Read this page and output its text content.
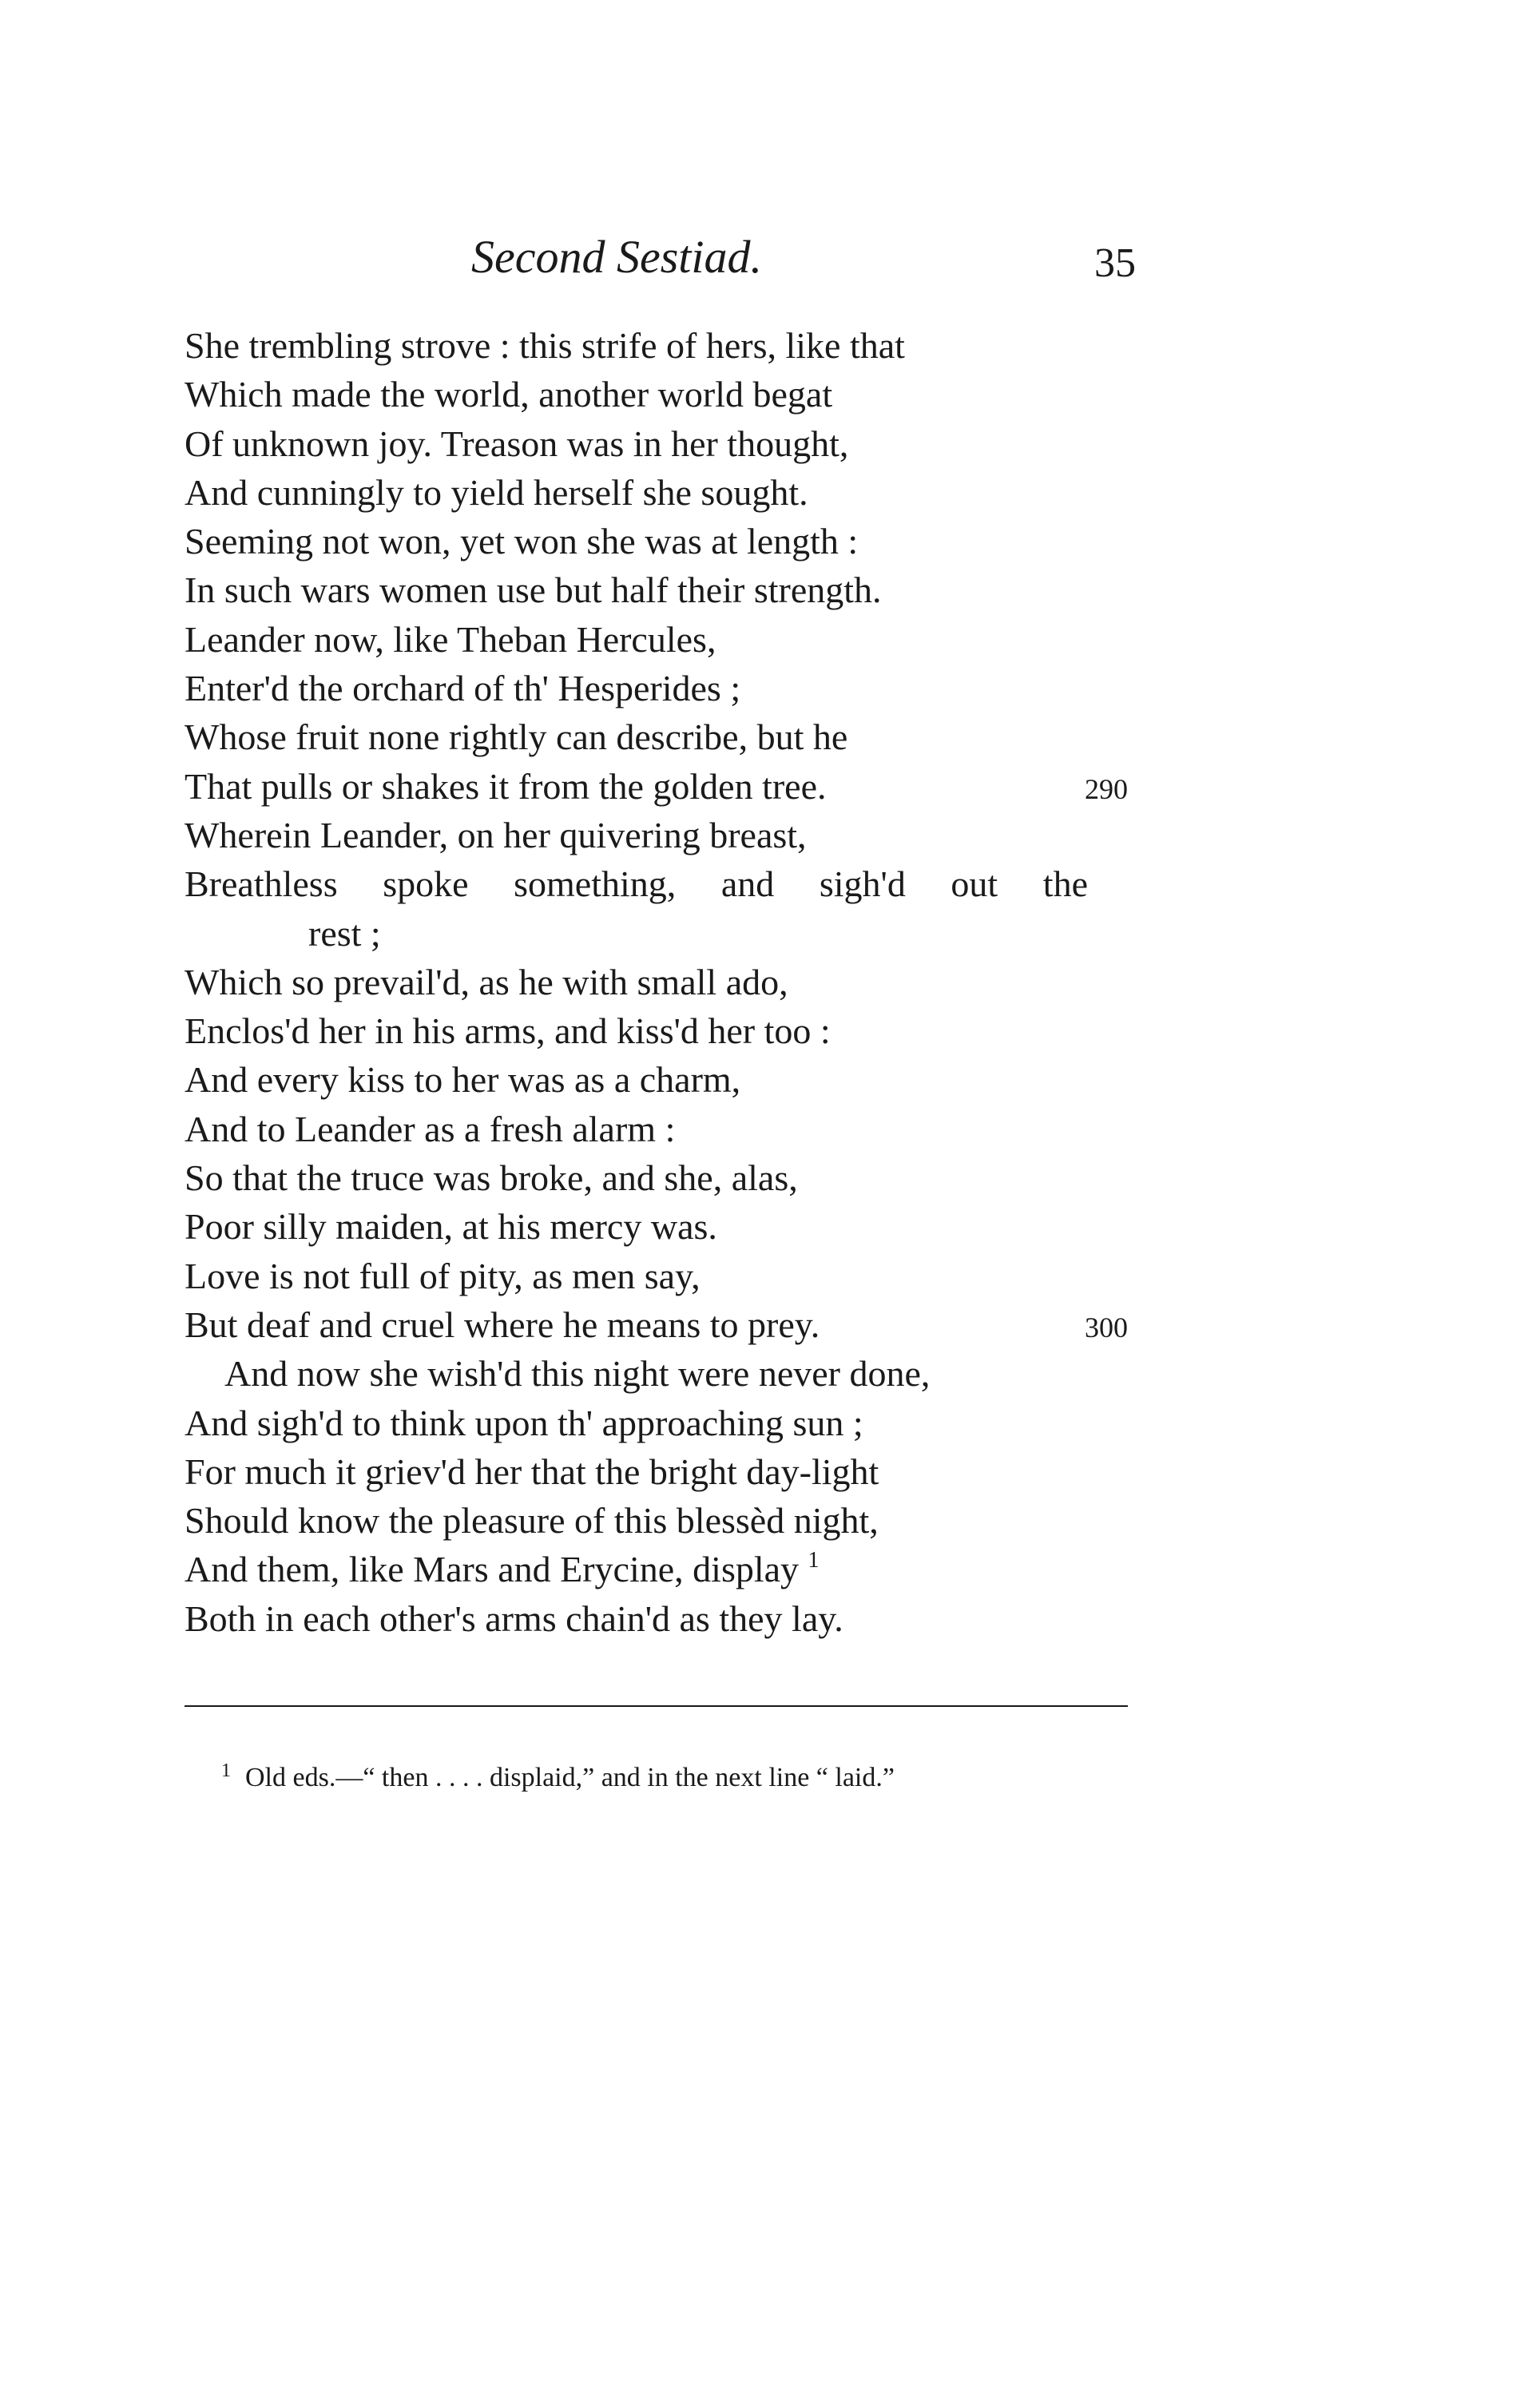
Second Sestiad.	35
She trembling strove : this strife of hers, like that
Which made the world, another world begat
Of unknown joy. Treason was in her thought,
And cunningly to yield herself she sought.
Seeming not won, yet won she was at length :
In such wars women use but half their strength.
Leander now, like Theban Hercules,
Enter'd the orchard of th' Hesperides ;
Whose fruit none rightly can describe, but he
That pulls or shakes it from the golden tree.	290
Wherein Leander, on her quivering breast,
Breathless spoke something, and sigh'd out the
rest ;
Which so prevail'd, as he with small ado,
Enclos'd her in his arms, and kiss'd her too :
And every kiss to her was as a charm,
And to Leander as a fresh alarm :
So that the truce was broke, and she, alas,
Poor silly maiden, at his mercy was.
Love is not full of pity, as men say,
But deaf and cruel where he means to prey.	300
And now she wish'd this night were never done,
And sigh'd to think upon th' approaching sun ;
For much it griev'd her that the bright day-light
Should know the pleasure of this blessèd night,
And them, like Mars and Erycine, display $^1$
Both in each other's arms chain'd as they lay.
$^1$ Old eds.—“ then . . . . displaid,” and in the next line “ laid.”
